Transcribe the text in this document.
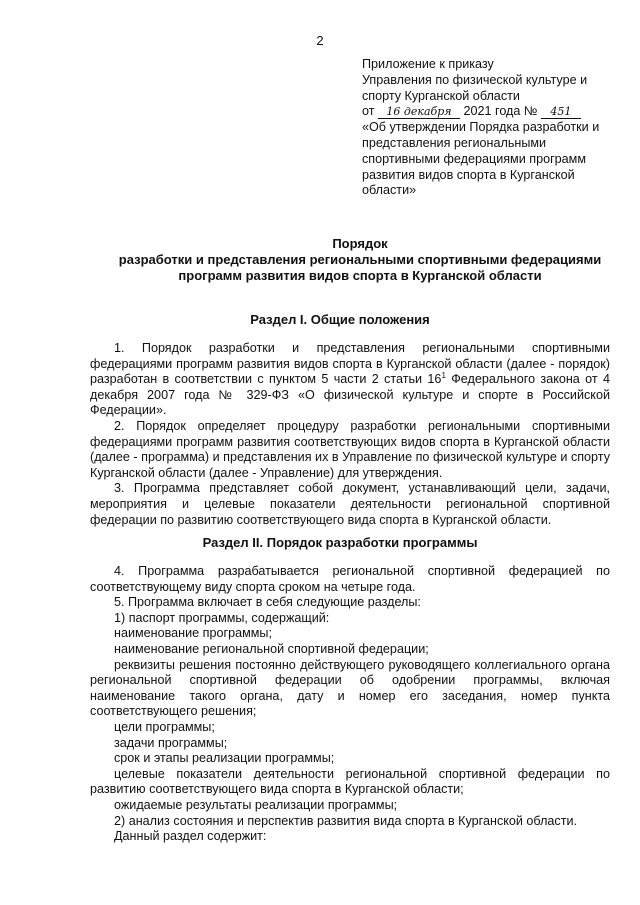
2
Приложение к приказу
Управления по физической культуре и
спорту Курганской области
от 16 декабря 2021 года № 451
«Об утверждении Порядка разработки и
представления региональными
спортивными федерациями программ
развития видов спорта в Курганской
области»
Порядок
разработки и представления региональными спортивными федерациями
программ развития видов спорта в Курганской области
Раздел I. Общие положения

1. Порядок разработки и представления региональными спортивными федерациями программ развития видов спорта в Курганской области (далее - порядок) разработан в соответствии с пунктом 5 части 2 статьи $16^1$ Федерального закона от 4 декабря 2007 года № 329-ФЗ «О физической культуре и спорте в Российской Федерации».

2. Порядок определяет процедуру разработки региональными спортивными федерациями программ развития соответствующих видов спорта в Курганской области (далее - программа) и представления их в Управление по физической культуре и спорту Курганской области (далее - Управление) для утверждения.

3. Программа представляет собой документ, устанавливающий цели, задачи, мероприятия и целевые показатели деятельности региональной спортивной федерации по развитию соответствующего вида спорта в Курганской области.

Раздел II. Порядок разработки программы

4. Программа разрабатывается региональной спортивной федерацией по соответствующему виду спорта сроком на четыре года.

5. Программа включает в себя следующие разделы:

1) паспорт программы, содержащий:

наименование программы;

наименование региональной спортивной федерации;

реквизиты решения постоянно действующего руководящего коллегиального органа региональной спортивной федерации об одобрении программы, включая наименование такого органа, дату и номер его заседания, номер пункта соответствующего решения;

цели программы;

задачи программы;

срок и этапы реализации программы;

целевые показатели деятельности региональной спортивной федерации по развитию соответствующего вида спорта в Курганской области;

ожидаемые результаты реализации программы;

2) анализ состояния и перспектив развития вида спорта в Курганской области.

Данный раздел содержит:
